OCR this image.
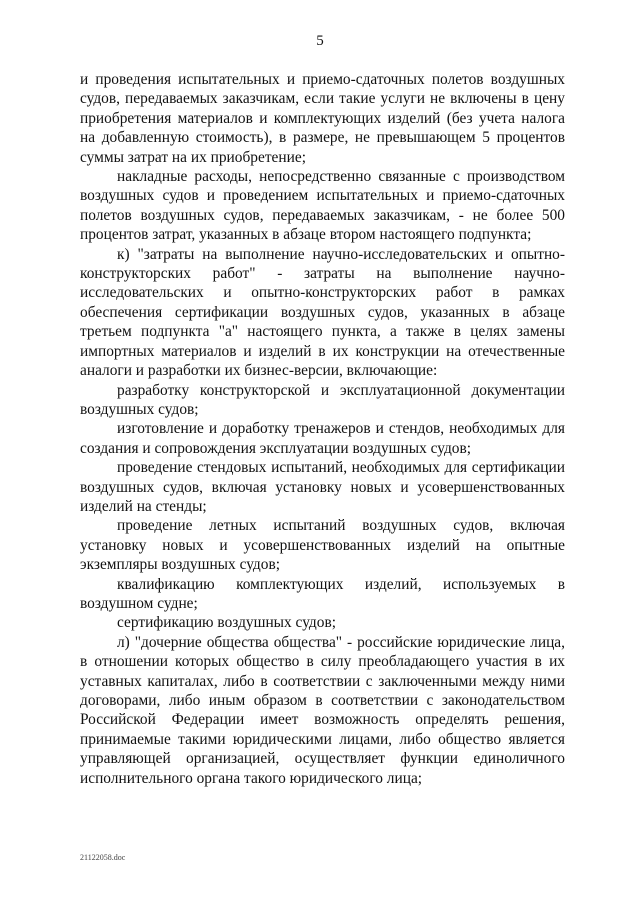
5

и проведения испытательных и приемо-сдаточных полетов воздушных судов, передаваемых заказчикам, если такие услуги не включены в цену приобретения материалов и комплектующих изделий (без учета налога на добавленную стоимость), в размере, не превышающем 5 процентов суммы затрат на их приобретение;

накладные расходы, непосредственно связанные с производством воздушных судов и проведением испытательных и приемо-сдаточных полетов воздушных судов, передаваемых заказчикам, - не более 500 процентов затрат, указанных в абзаце втором настоящего подпункта;

к) "затраты на выполнение научно-исследовательских и опытно-конструкторских работ" - затраты на выполнение научно-исследовательских и опытно-конструкторских работ в рамках обеспечения сертификации воздушных судов, указанных в абзаце третьем подпункта "а" настоящего пункта, а также в целях замены импортных материалов и изделий в их конструкции на отечественные аналоги и разработки их бизнес-версии, включающие:

разработку конструкторской и эксплуатационной документации воздушных судов;

изготовление и доработку тренажеров и стендов, необходимых для создания и сопровождения эксплуатации воздушных судов;

проведение стендовых испытаний, необходимых для сертификации воздушных судов, включая установку новых и усовершенствованных изделий на стенды;

проведение летных испытаний воздушных судов, включая установку новых и усовершенствованных изделий на опытные экземпляры воздушных судов;

квалификацию комплектующих изделий, используемых в воздушном судне;

сертификацию воздушных судов;

л) "дочерние общества общества" - российские юридические лица, в отношении которых общество в силу преобладающего участия в их уставных капиталах, либо в соответствии с заключенными между ними договорами, либо иным образом в соответствии с законодательством Российской Федерации имеет возможность определять решения, принимаемые такими юридическими лицами, либо общество является управляющей организацией, осуществляет функции единоличного исполнительного органа такого юридического лица;

21122058.doc
